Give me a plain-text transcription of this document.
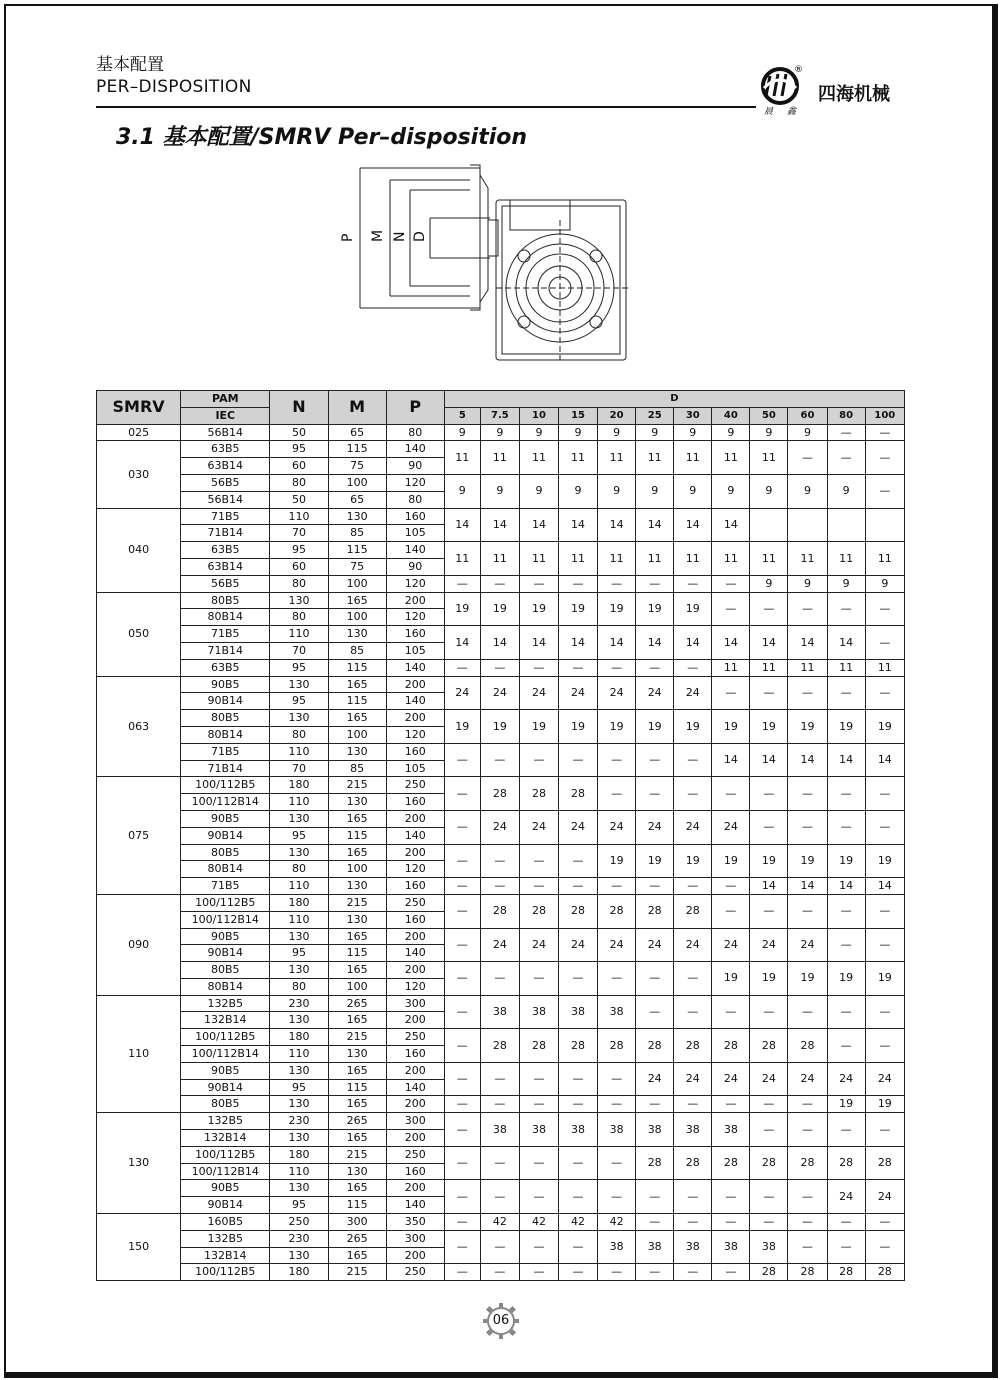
基本配置
PER–DISPOSITION
®
晨鑫
四海机械
3.1 基本配置/SMRV Per–disposition
P M N D
SMRV	PAM	N	M	P	D											
	IEC				5	7.5	10	15	20	25	30	40	50	60	80	100
025	56B14	50	65	80	9	9	9	9	9	9	9	9	9	9	—	—
030	63B5	95	115	140	11	11	11	11	11	11	11	11	11	—	—	—
	63B14	60	75	90												
	56B5	80	100	120	9	9	9	9	9	9	9	9	9	9	9	—
	56B14	50	65	80												
040	71B5	110	130	160	14	14	14	14	14	14	14	14				
	71B14	70	85	105												
	63B5	95	115	140	11	11	11	11	11	11	11	11	11	11	11	11
	63B14	60	75	90												
	56B5	80	100	120	—	—	—	—	—	—	—	—	9	9	9	9
050	80B5	130	165	200	19	19	19	19	19	19	19	—	—	—	—	—
	80B14	80	100	120												
	71B5	110	130	160	14	14	14	14	14	14	14	14	14	14	14	—
	71B14	70	85	105												
	63B5	95	115	140	—	—	—	—	—	—	—	11	11	11	11	11
063	90B5	130	165	200	24	24	24	24	24	24	24	—	—	—	—	—
	90B14	95	115	140												
	80B5	130	165	200	19	19	19	19	19	19	19	19	19	19	19	19
	80B14	80	100	120												
	71B5	110	130	160	—	—	—	—	—	—	—	14	14	14	14	14
	71B14	70	85	105												
075	100/112B5	180	215	250	—	28	28	28	—	—	—	—	—	—	—	—
	100/112B14	110	130	160												
	90B5	130	165	200	—	24	24	24	24	24	24	24	—	—	—	—
	90B14	95	115	140												
	80B5	130	165	200	—	—	—	—	19	19	19	19	19	19	19	19
	80B14	80	100	120												
	71B5	110	130	160	—	—	—	—	—	—	—	—	14	14	14	14
090	100/112B5	180	215	250	—	28	28	28	28	28	28	—	—	—	—	—
	100/112B14	110	130	160												
	90B5	130	165	200	—	24	24	24	24	24	24	24	24	24	—	—
	90B14	95	115	140												
	80B5	130	165	200	—	—	—	—	—	—	—	19	19	19	19	19
	80B14	80	100	120												
110	132B5	230	265	300	—	38	38	38	38	—	—	—	—	—	—	—
	132B14	130	165	200												
	100/112B5	180	215	250	—	28	28	28	28	28	28	28	28	28	—	—
	100/112B14	110	130	160												
	90B5	130	165	200	—	—	—	—	—	24	24	24	24	24	24	24
	90B14	95	115	140												
	80B5	130	165	200	—	—	—	—	—	—	—	—	—	—	19	19
130	132B5	230	265	300	—	38	38	38	38	38	38	38	—	—	—	—
	132B14	130	165	200												
	100/112B5	180	215	250	—	—	—	—	—	28	28	28	28	28	28	28
	100/112B14	110	130	160												
	90B5	130	165	200	—	—	—	—	—	—	—	—	—	—	24	24
	90B14	95	115	140												
150	160B5	250	300	350	—	42	42	42	42	—	—	—	—	—	—	—
	132B5	230	265	300	—	—	—	—	38	38	38	38	38	—	—	—
	132B14	130	165	200												
	100/112B5	180	215	250	—	—	—	—	—	—	—	—	28	28	28	28
06
